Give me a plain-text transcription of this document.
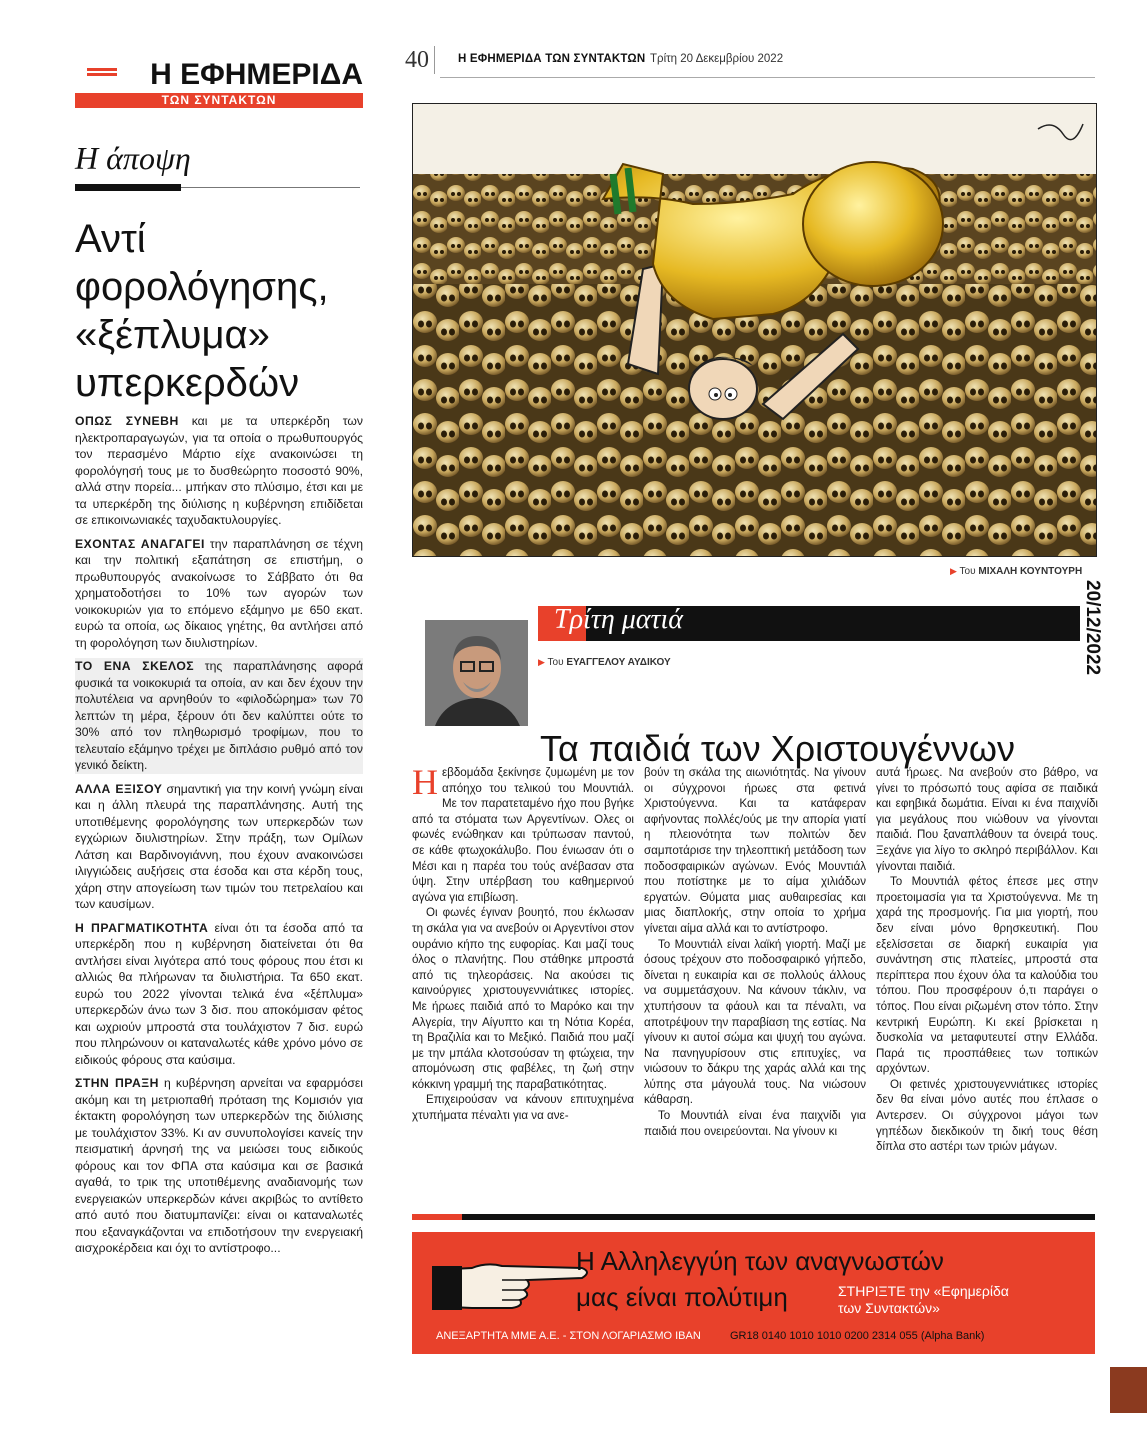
Η ΕΦΗΜΕΡΙΔΑ
ΤΩΝ ΣΥΝΤΑΚΤΩΝ
Η άποψη
Αντί φορολόγησης, «ξέπλυμα» υπερκερδών
ΟΠΩΣ ΣΥΝΕΒΗ και με τα υπερκέρδη των ηλεκτροπαραγωγών, για τα οποία ο πρωθυπουργός τον περασμένο Μάρτιο είχε ανακοινώσει τη φορολόγησή τους με το δυσθεώρητο ποσοστό 90%, αλλά στην πορεία... μπήκαν στο πλύσιμο, έτσι και με τα υπερκέρδη της διύλισης η κυβέρνηση επιδίδεται σε επικοινωνιακές ταχυδακτυλουργίες.
ΕΧΟΝΤΑΣ ΑΝΑΓΑΓΕΙ την παραπλάνηση σε τέχνη και την πολιτική εξαπάτηση σε επιστήμη, ο πρωθυπουργός ανακοίνωσε το Σάββατο ότι θα χρηματοδοτήσει το 10% των αγορών των νοικοκυριών για το επόμενο εξάμηνο με 650 εκατ. ευρώ τα οποία, ως δίκαιος γηέτης, θα αντλήσει από τη φορολόγηση των διυλιστηρίων.
ΤΟ ΕΝΑ ΣΚΕΛΟΣ της παραπλάνησης αφορά φυσικά τα νοικοκυριά τα οποία, αν και δεν έχουν την πολυτέλεια να αρνηθούν το «φιλοδώρημα» των 70 λεπτών τη μέρα, ξέρουν ότι δεν καλύπτει ούτε το 30% από τον πληθωρισμό τροφίμων, που το τελευταίο εξάμηνο τρέχει με διπλάσιο ρυθμό από τον γενικό δείκτη.
ΑΛΛΑ ΕΞΙΣΟΥ σημαντική για την κοινή γνώμη είναι και η άλλη πλευρά της παραπλάνησης. Αυτή της υποτιθέμενης φορολόγησης των υπερκερδών των εγχώριων διυλιστηρίων. Στην πράξη, των Ομίλων Λάτση και Βαρδινογιάννη, που έχουν ανακοινώσει ιλιγγιώδεις αυξήσεις στα έσοδα και στα κέρδη τους, χάρη στην απογείωση των τιμών του πετρελαίου και των καυσίμων.
Η ΠΡΑΓΜΑΤΙΚΟΤΗΤΑ είναι ότι τα έσοδα από τα υπερκέρδη που η κυβέρνηση διατείνεται ότι θα αντλήσει είναι λιγότερα από τους φόρους που έτσι κι αλλιώς θα πλήρωναν τα διυλιστήρια. Τα 650 εκατ. ευρώ του 2022 γίνονται τελικά ένα «ξέπλυμα» υπερκερδών άνω των 3 δισ. που αποκόμισαν φέτος και ωχριούν μπροστά στα τουλάχιστον 7 δισ. ευρώ που πληρώνουν οι καταναλωτές κάθε χρόνο μόνο σε ειδικούς φόρους στα καύσιμα.
ΣΤΗΝ ΠΡΑΞΗ η κυβέρνηση αρνείται να εφαρμόσει ακόμη και τη μετριοπαθή πρόταση της Κομισιόν για έκτακτη φορολόγηση των υπερκερδών της διύλισης με τουλάχιστον 33%. Κι αν συνυπολογίσει κανείς την πεισματική άρνησή της να μειώσει τους ειδικούς φόρους και τον ΦΠΑ στα καύσιμα και σε βασικά αγαθά, το τρικ της υποτιθέμενης αναδιανομής των ενεργειακών υπερκερδών κάνει ακριβώς το αντίθετο από αυτό που διατυμπανίζει: είναι οι καταναλωτές που εξαναγκάζονται να επιδοτήσουν την ενεργειακή αισχροκέρδεια και όχι το αντίστροφο...
40	Η ΕΦΗΜΕΡΙΔΑ ΤΩΝ ΣΥΝΤΑΚΤΩΝ Τρίτη 20 Δεκεμβρίου 2022
▶ Του ΜΙΧΑΛΗ ΚΟΥΝΤΟΥΡΗ
Τρίτη ματιά
▶ Του ΕΥΑΓΓΕΛΟΥ ΑΥΔΙΚΟΥ
Τα παιδιά των Χριστουγέννων

Ηεβδομάδα ξεκίνησε ζυμωμένη με τον απόηχο του τελικού του Μουντιάλ. Με τον παρατεταμένο ήχο που βγήκε από τα στόματα των Αργεντίνων. Ολες οι φωνές ενώθηκαν και τρύπωσαν παντού, σε κάθε φτωχοκάλυβο. Που ένιωσαν ότι ο Μέσι και η παρέα του τούς ανέβασαν στα ύψη. Στην υπέρβαση του καθημερινού αγώνα για επιβίωση.

Οι φωνές έγιναν βουητό, που έκλωσαν τη σκάλα για να ανεβούν οι Αργεντίνοι στον ουράνιο κήπο της ευφορίας. Και μαζί τους όλος ο πλανήτης. Που στάθηκε μπροστά από τις τηλεοράσεις. Να ακούσει τις καινούργιες χριστουγεννιάτικες ιστορίες. Με ήρωες παιδιά από το Μαρόκο και την Αλγερία, την Αίγυπτο και τη Νότια Κορέα, τη Βραζιλία και το Μεξικό. Παιδιά που μαζί με την μπάλα κλοτσούσαν τη φτώχεια, την απομόνωση στις φαβέλες, τη ζωή στην κόκκινη γραμμή της παραβατικότητας.

Επιχειρούσαν να κάνουν επιτυχημένα χτυπήματα πέναλτι για να ανε-

βούν τη σκάλα της αιωνιότητας. Να γίνουν οι σύγχρονοι ήρωες στα φετινά Χριστούγεννα. Και τα κατάφεραν αφήνοντας πολλές/ούς με την απορία γιατί η πλειονότητα των πολιτών δεν σαμποτάρισε την τηλεοπτική μετάδοση των ποδοσφαιρικών αγώνων. Ενός Μουντιάλ που ποτίστηκε με το αίμα χιλιάδων εργατών. Θύματα μιας αυθαιρεσίας και μιας διαπλοκής, στην οποία το χρήμα γίνεται αίμα αλλά και το αντίστροφο.

Το Μουντιάλ είναι λαϊκή γιορτή. Μαζί με όσους τρέχουν στο ποδοσφαιρικό γήπεδο, δίνεται η ευκαιρία και σε πολλούς άλλους να συμμετάσχουν. Να κάνουν τάκλιν, να χτυπήσουν τα φάουλ και τα πέναλτι, να αποτρέψουν την παραβίαση της εστίας. Να γίνουν κι αυτοί σώμα και ψυχή του αγώνα. Να πανηγυρίσουν στις επιτυχίες, να νιώσουν το δάκρυ της χαράς αλλά και της λύπης στα μάγουλά τους. Να νιώσουν κάθαρση.

Το Μουντιάλ είναι ένα παιχνίδι για παιδιά που ονειρεύονται. Να γίνουν κι

αυτά ήρωες. Να ανεβούν στο βάθρο, να γίνει το πρόσωπό τους αφίσα σε παιδικά και εφηβικά δωμάτια. Είναι κι ένα παιχνίδι για μεγάλους που νιώθουν να γίνονται παιδιά. Που ξαναπλάθουν τα όνειρά τους. Ξεχάνε για λίγο το σκληρό περιβάλλον. Και γίνονται παιδιά.

Το Μουντιάλ φέτος έπεσε μες στην προετοιμασία για τα Χριστούγεννα. Με τη χαρά της προσμονής. Για μια γιορτή, που δεν είναι μόνο θρησκευτική. Που εξελίσσεται σε διαρκή ευκαιρία για συνάντηση στις πλατείες, μπροστά στα περίπτερα που έχουν όλα τα καλούδια του τόπου. Που προσφέρουν ό,τι παράγει ο τόπος. Που είναι ριζωμένη στον τόπο. Στην κεντρική Ευρώπη. Κι εκεί βρίσκεται η δυσκολία να μεταφυτευτεί στην Ελλάδα. Παρά τις προσπάθειες των τοπικών αρχόντων.

Οι φετινές χριστουγεννιάτικες ιστορίες δεν θα είναι μόνο αυτές που έπλασε ο Αντερσεν. Οι σύγχρονοι μάγοι των γηπέδων διεκδικούν τη δική τους θέση δίπλα στο αστέρι των τριών μάγων.

Η Αλληλεγγύη των αναγνωστών
μας είναι πολύτιμη	ΣΤΗΡΙΞΤΕ την «Εφημερίδα
των Συντακτών»
ΑΝΕΞΑΡΤΗΤΑ ΜΜΕ Α.Ε. - ΣΤΟΝ ΛΟΓΑΡΙΑΣΜΟ IBAN	GR18 0140 1010 1010 0200 2314 055 (Alpha Bank)
20/12/2022
